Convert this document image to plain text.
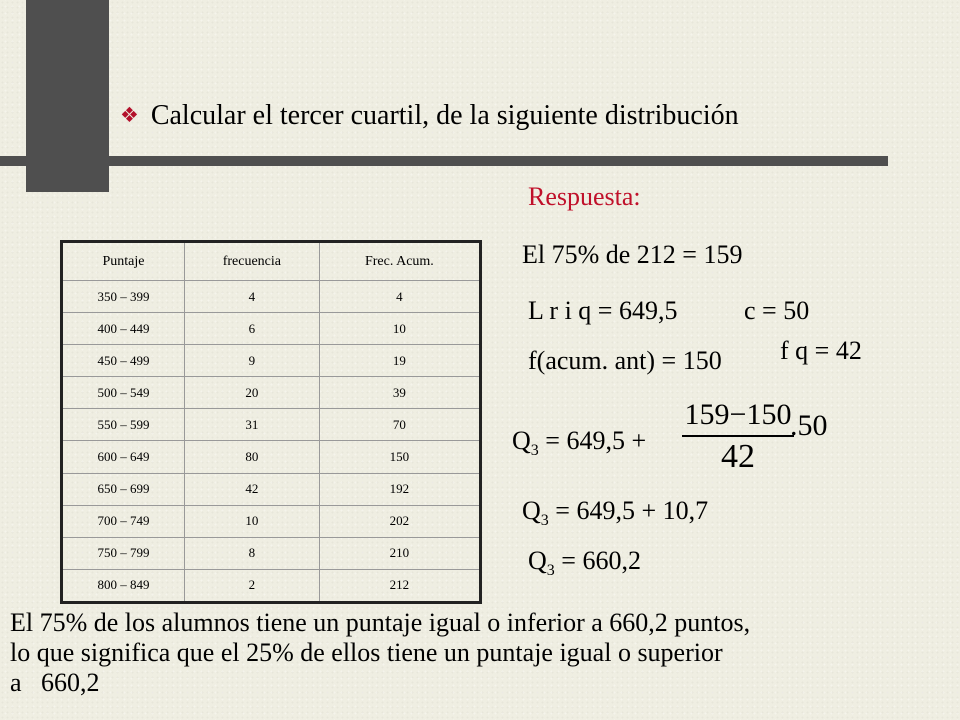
❖ Calcular el tercer cuartil, de la siguiente distribución
Puntaje	frecuencia	Frec. Acum.
350 – 399	4	4
400 – 449	6	10
450 – 499	9	19
500 – 549	20	39
550 – 599	31	70
600 – 649	80	150
650 – 699	42	192
700 – 749	10	202
750 – 799	8	210
800 – 849	2	212
Respuesta:
El 75% de 212 = 159
L r i q = 649,5	c = 50
f(acum. ant) = 150 f q = 42
$Q_3 = 649,5$ +
159−150
42
.50
$Q_3 = 649,5 + 10,7$
$Q_3 = 660,2$
El 75% de los alumnos tiene un puntaje igual o inferior a 660,2 puntos,
lo que significa que el 25% de ellos tiene un puntaje igual o superior
a   660,2
